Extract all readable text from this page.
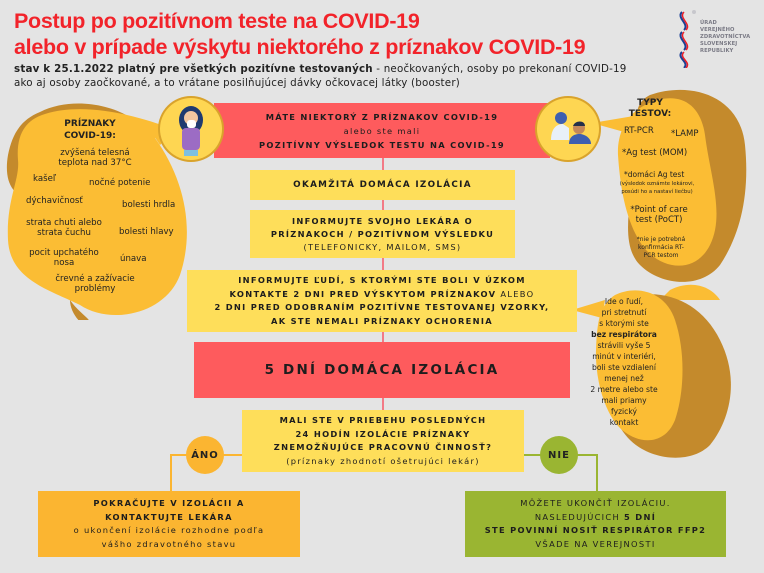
Postup po pozitívnom teste na COVID-19
alebo v prípade výskytu niektorého z príznakov COVID-19
stav k 25.1.2022 platný pre všetkých pozitívne testovaných - neočkovaných, osoby po prekonaní COVID-19 ako aj osoby zaočkované, a to vrátane posilňujúcej dávky očkovacej látky (booster)
ÚRAD
VEREJNÉHO
ZDRAVOTNÍCTVA
SLOVENSKEJ
REPUBLIKY
PRÍZNAKY
COVID-19:
zvýšená telesná teplota nad 37°C
kašeľ	nočné potenie
dýchavičnosť	bolesti hrdla
strata chuti alebo strata čuchu	bolesti hlavy
pocit upchatého nosa	únava
črevné a zažívacie problémy
TYPY
TESTOV:
RT-PCR *LAMP
*Ag test (MOM)
*domáci Ag test
(výsledok oznámte lekárovi, posúdi ho a nastaví liečbu)
*Point of care test (PoCT)
*nie je potrebná konfirmácia RT-PCR testom
Ide o ľudí,
pri stretnutí
s ktorými ste
bez respirátora
strávili vyše 5
minút v interiéri,
boli ste vzdialení
menej než
2 metre alebo ste
mali priamy
fyzický
kontakt
MÁTE NIEKTORÝ Z PRÍZNAKOV COVID-19
alebo ste mali
POZITÍVNY VÝSLEDOK TESTU NA COVID-19
OKAMŽITÁ DOMÁCA IZOLÁCIA
INFORMUJTE SVOJHO LEKÁRA O
PRÍZNAKOCH / POZITÍVNOM VÝSLEDKU
(TELEFONICKY, MAILOM, SMS)
INFORMUJTE ĽUDÍ, S KTORÝMI STE BOLI V ÚZKOM
KONTAKTE 2 DNI PRED VÝSKYTOM PRÍZNAKOV ALEBO
2 DNI PRED ODOBRANÍM POZITÍVNE TESTOVANEJ VZORKY,
AK STE NEMALI PRÍZNAKY OCHORENIA
5 DNÍ DOMÁCA IZOLÁCIA
MALI STE V PRIEBEHU POSLEDNÝCH
24 HODÍN IZOLÁCIE PRÍZNAKY
ZNEMOŽŇUJÚCE PRACOVNÚ ČINNOSŤ?
(príznaky zhodnotí ošetrujúci lekár)
ÁNO	NIE
POKRAČUJTE V IZOLÁCII A
KONTAKTUJTE LEKÁRA
o ukončení izolácie rozhodne podľa
vášho zdravotného stavu
MÔŽETE UKONČIŤ IZOLÁCIU.
NASLEDUJÚCICH 5 DNÍ
STE POVINNÍ NOSIŤ RESPIRÁTOR FFP2
VŠADE NA VEREJNOSTI
